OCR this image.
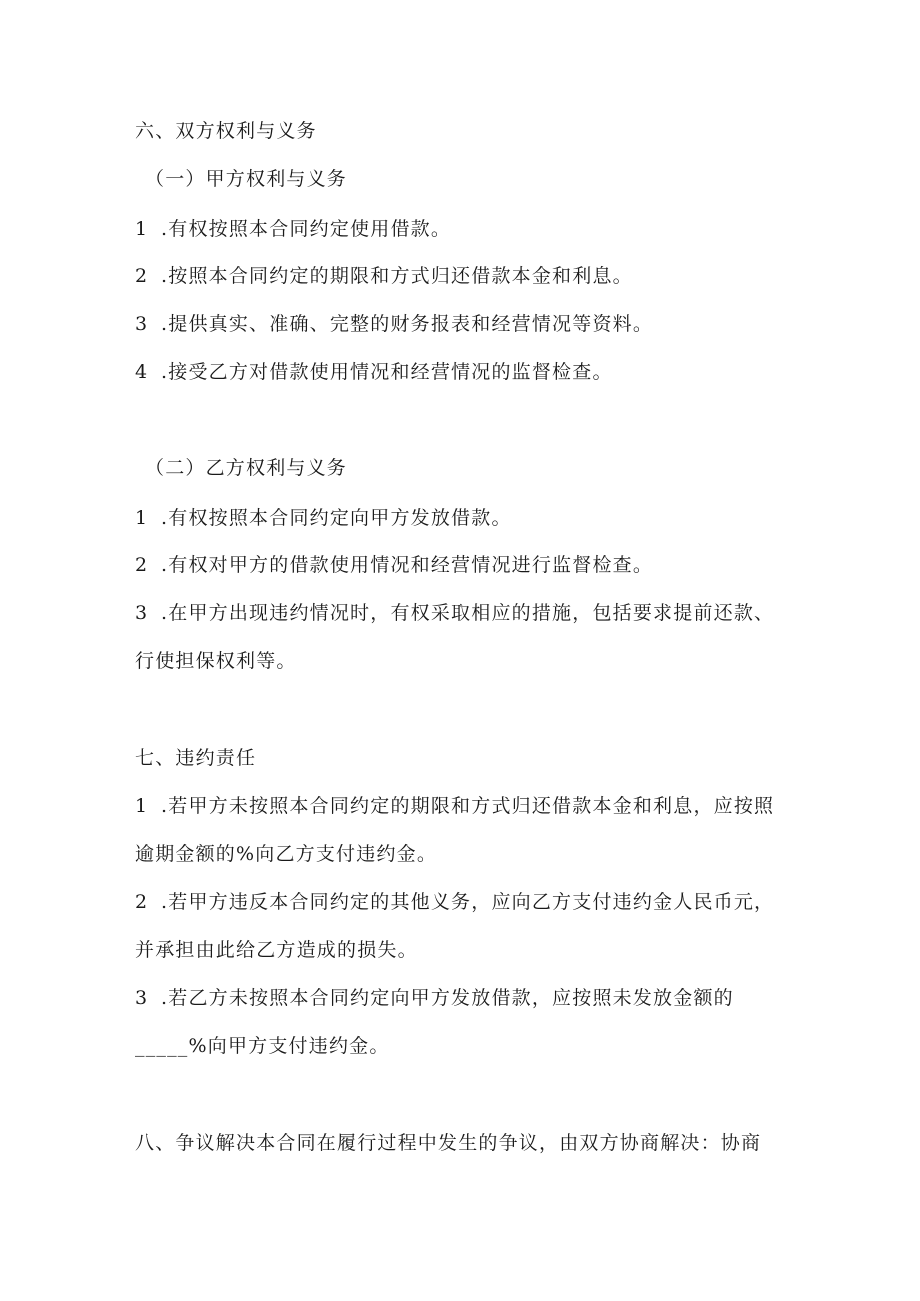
六、双方权利与义务
（一）甲方权利与义务
1 .有权按照本合同约定使用借款。
2 .按照本合同约定的期限和方式归还借款本金和利息。
3 .提供真实、准确、完整的财务报表和经营情况等资料。
4 .接受乙方对借款使用情况和经营情况的监督检查。
（二）乙方权利与义务
1 .有权按照本合同约定向甲方发放借款。
2 .有权对甲方的借款使用情况和经营情况进行监督检查。
3 .在甲方出现违约情况时，有权采取相应的措施，包括要求提前还款、
行使担保权利等。
七、违约责任
1 .若甲方未按照本合同约定的期限和方式归还借款本金和利息，应按照
逾期金额的%向乙方支付违约金。
2 .若甲方违反本合同约定的其他义务，应向乙方支付违约金人民币元，
并承担由此给乙方造成的损失。
3 .若乙方未按照本合同约定向甲方发放借款，应按照未发放金额的
_____%向甲方支付违约金。
八、争议解决本合同在履行过程中发生的争议，由双方协商解决：协商
